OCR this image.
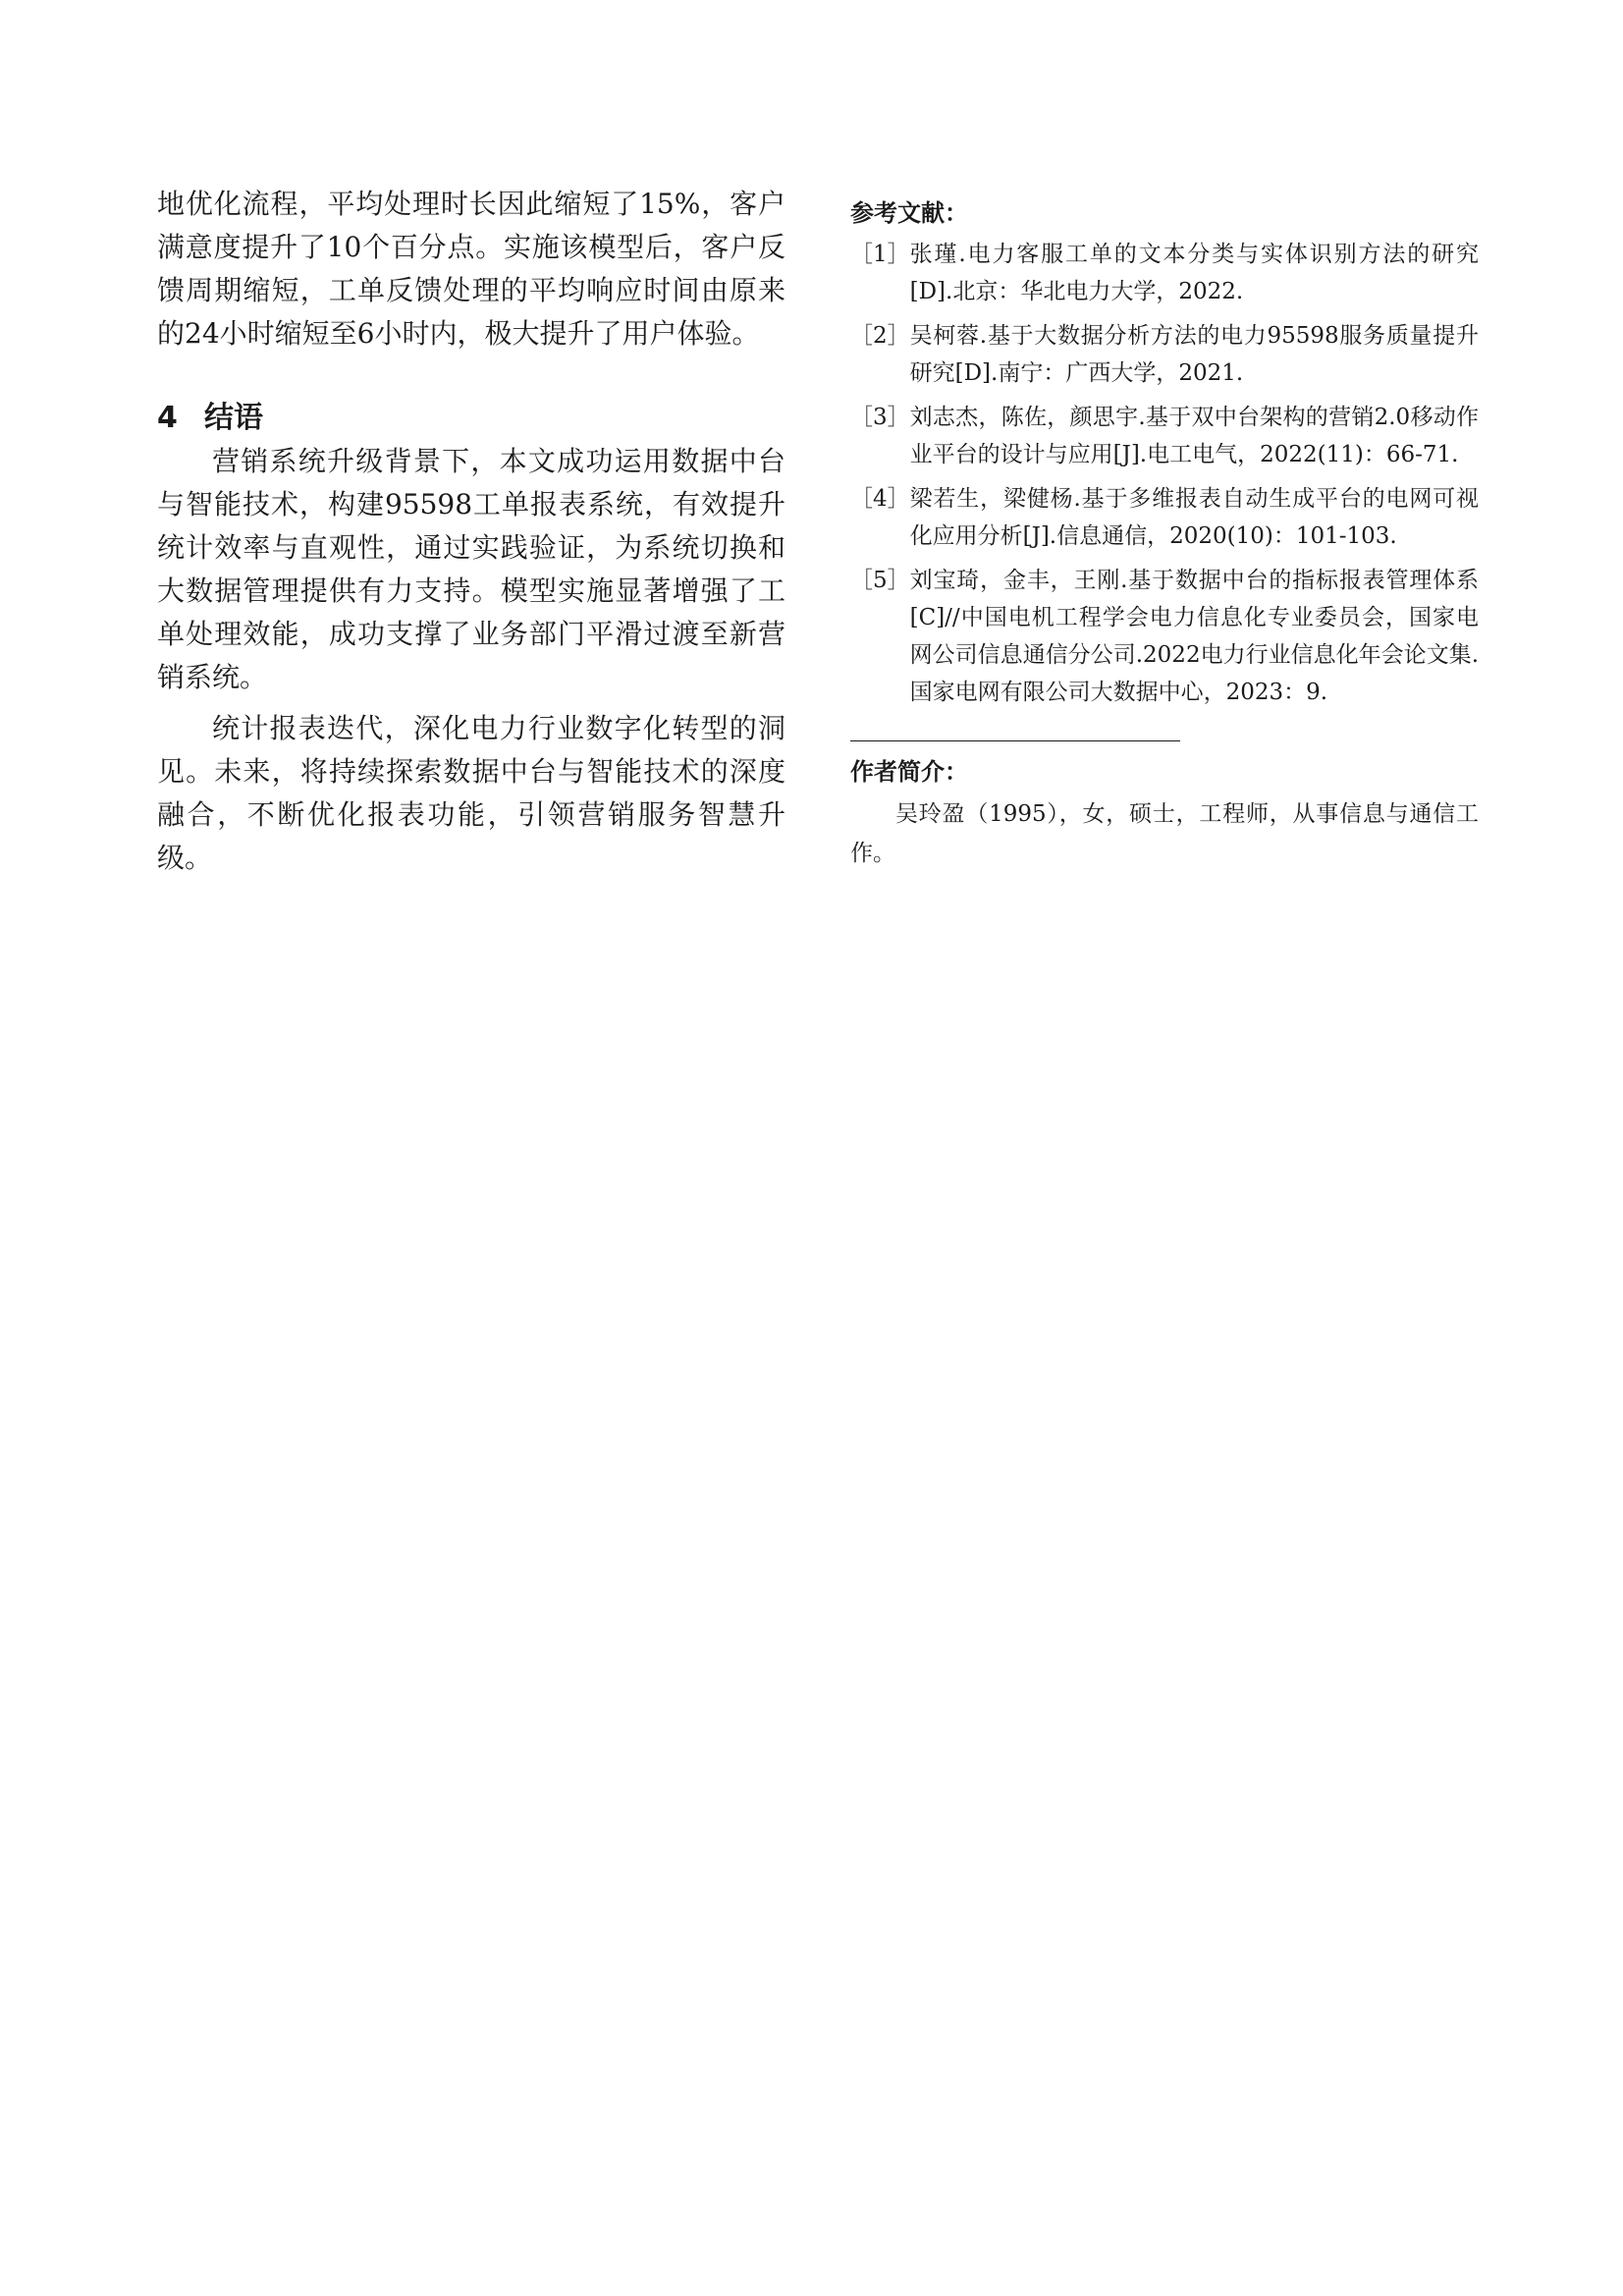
地优化流程，平均处理时长因此缩短了15%，客户满意度提升了10个百分点。实施该模型后，客户反馈周期缩短，工单反馈处理的平均响应时间由原来的24小时缩短至6小时内，极大提升了用户体验。

4 结语

营销系统升级背景下，本文成功运用数据中台与智能技术，构建95598工单报表系统，有效提升统计效率与直观性，通过实践验证，为系统切换和大数据管理提供有力支持。模型实施显著增强了工单处理效能，成功支撑了业务部门平滑过渡至新营销系统。

统计报表迭代，深化电力行业数字化转型的洞见。未来，将持续探索数据中台与智能技术的深度融合，不断优化报表功能，引领营销服务智慧升级。

参考文献：
［1］ 张瑾.电力客服工单的文本分类与实体识别方法的研究[D].北京：华北电力大学，2022.
［2］ 吴柯蓉.基于大数据分析方法的电力95598服务质量提升研究[D].南宁：广西大学，2021.
［3］ 刘志杰，陈佐，颜思宇.基于双中台架构的营销2.0移动作业平台的设计与应用[J].电工电气，2022(11)：66-71.
［4］ 梁若生，梁健杨.基于多维报表自动生成平台的电网可视化应用分析[J].信息通信，2020(10)：101-103.
［5］ 刘宝琦，金丰，王刚.基于数据中台的指标报表管理体系[C]//中国电机工程学会电力信息化专业委员会，国家电网公司信息通信分公司.2022电力行业信息化年会论文集.国家电网有限公司大数据中心，2023：9.
作者简介：

吴玲盈（1995），女，硕士，工程师，从事信息与通信工作。
